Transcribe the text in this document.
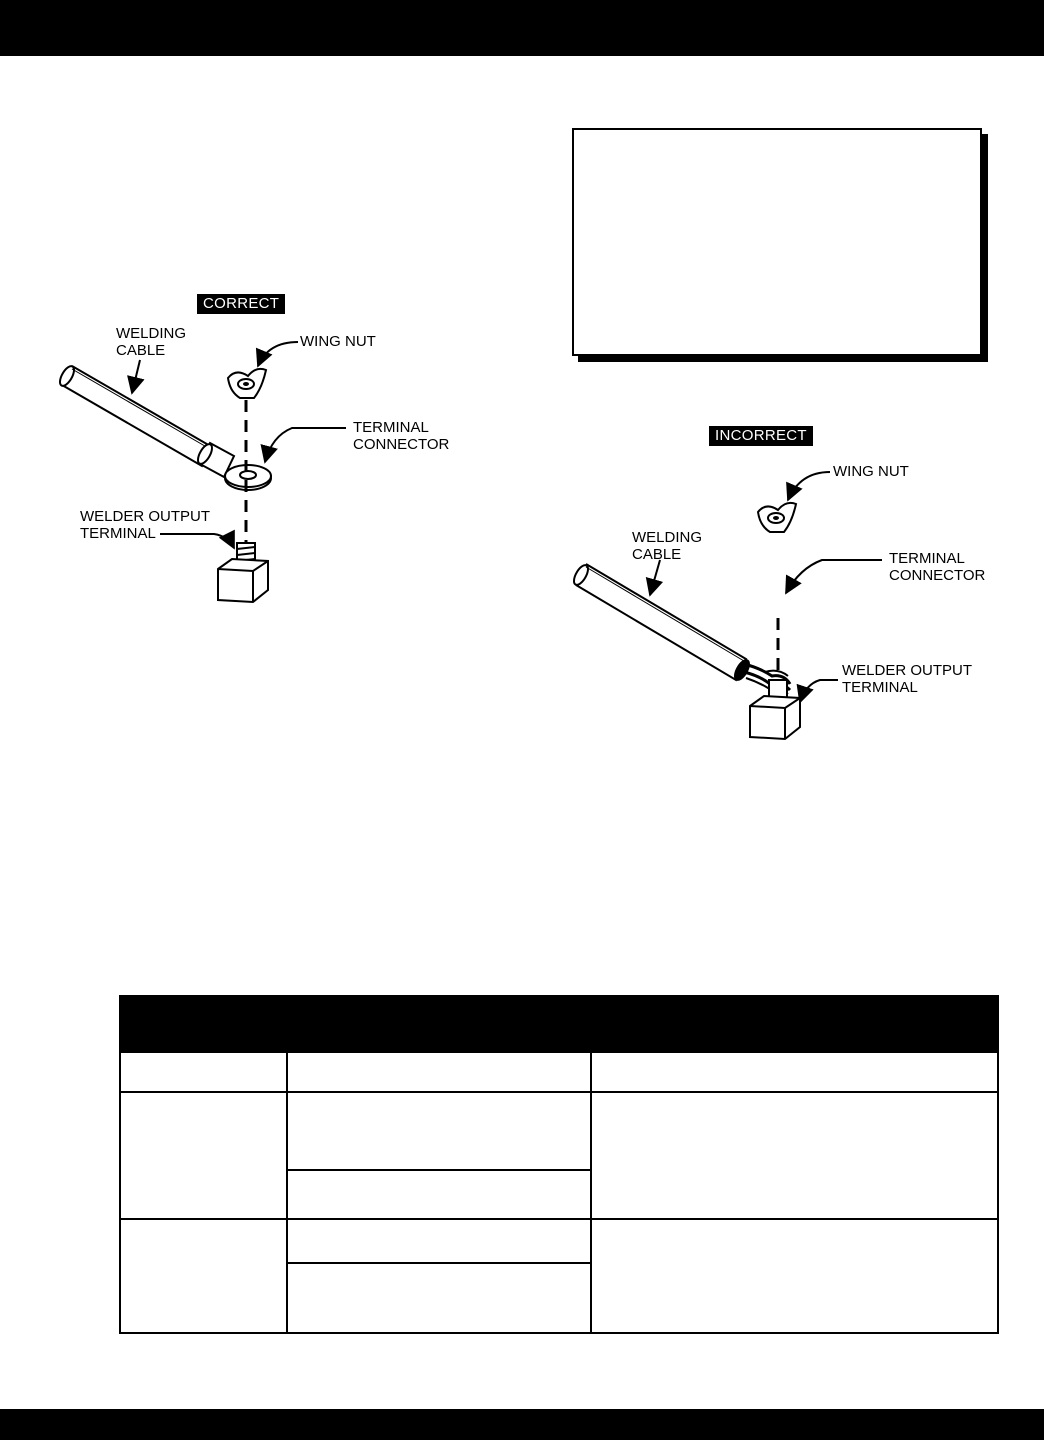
CORRECT
WELDING
CABLE
WING NUT
TERMINAL
CONNECTOR
WELDER OUTPUT
TERMINAL
INCORRECT
WING NUT
WELDING
CABLE	TERMINAL
CONNECTOR
WELDER OUTPUT
TERMINAL
